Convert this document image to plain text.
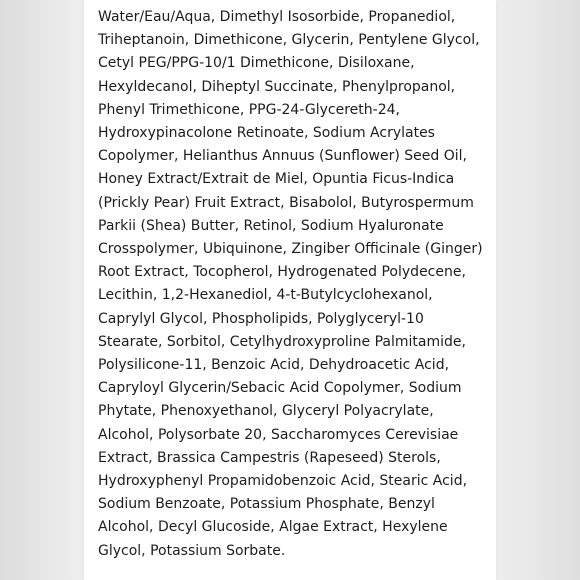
Water/Eau/Aqua, Dimethyl Isosorbide, Propanediol,
Triheptanoin, Dimethicone, Glycerin, Pentylene Glycol,
Cetyl PEG/PPG-10/1 Dimethicone, Disiloxane,
Hexyldecanol, Diheptyl Succinate, Phenylpropanol,
Phenyl Trimethicone, PPG-24-Glycereth-24,
Hydroxypinacolone Retinoate, Sodium Acrylates
Copolymer, Helianthus Annuus (Sunflower) Seed Oil,
Honey Extract/Extrait de Miel, Opuntia Ficus-Indica
(Prickly Pear) Fruit Extract, Bisabolol, Butyrospermum
Parkii (Shea) Butter, Retinol, Sodium Hyaluronate
Crosspolymer, Ubiquinone, Zingiber Officinale (Ginger)
Root Extract, Tocopherol, Hydrogenated Polydecene,
Lecithin, 1,2-Hexanediol, 4-t-Butylcyclohexanol,
Caprylyl Glycol, Phospholipids, Polyglyceryl-10
Stearate, Sorbitol, Cetylhydroxyproline Palmitamide,
Polysilicone-11, Benzoic Acid, Dehydroacetic Acid,
Capryloyl Glycerin/Sebacic Acid Copolymer, Sodium
Phytate, Phenoxyethanol, Glyceryl Polyacrylate,
Alcohol, Polysorbate 20, Saccharomyces Cerevisiae
Extract, Brassica Campestris (Rapeseed) Sterols,
Hydroxyphenyl Propamidobenzoic Acid, Stearic Acid,
Sodium Benzoate, Potassium Phosphate, Benzyl
Alcohol, Decyl Glucoside, Algae Extract, Hexylene
Glycol, Potassium Sorbate.
